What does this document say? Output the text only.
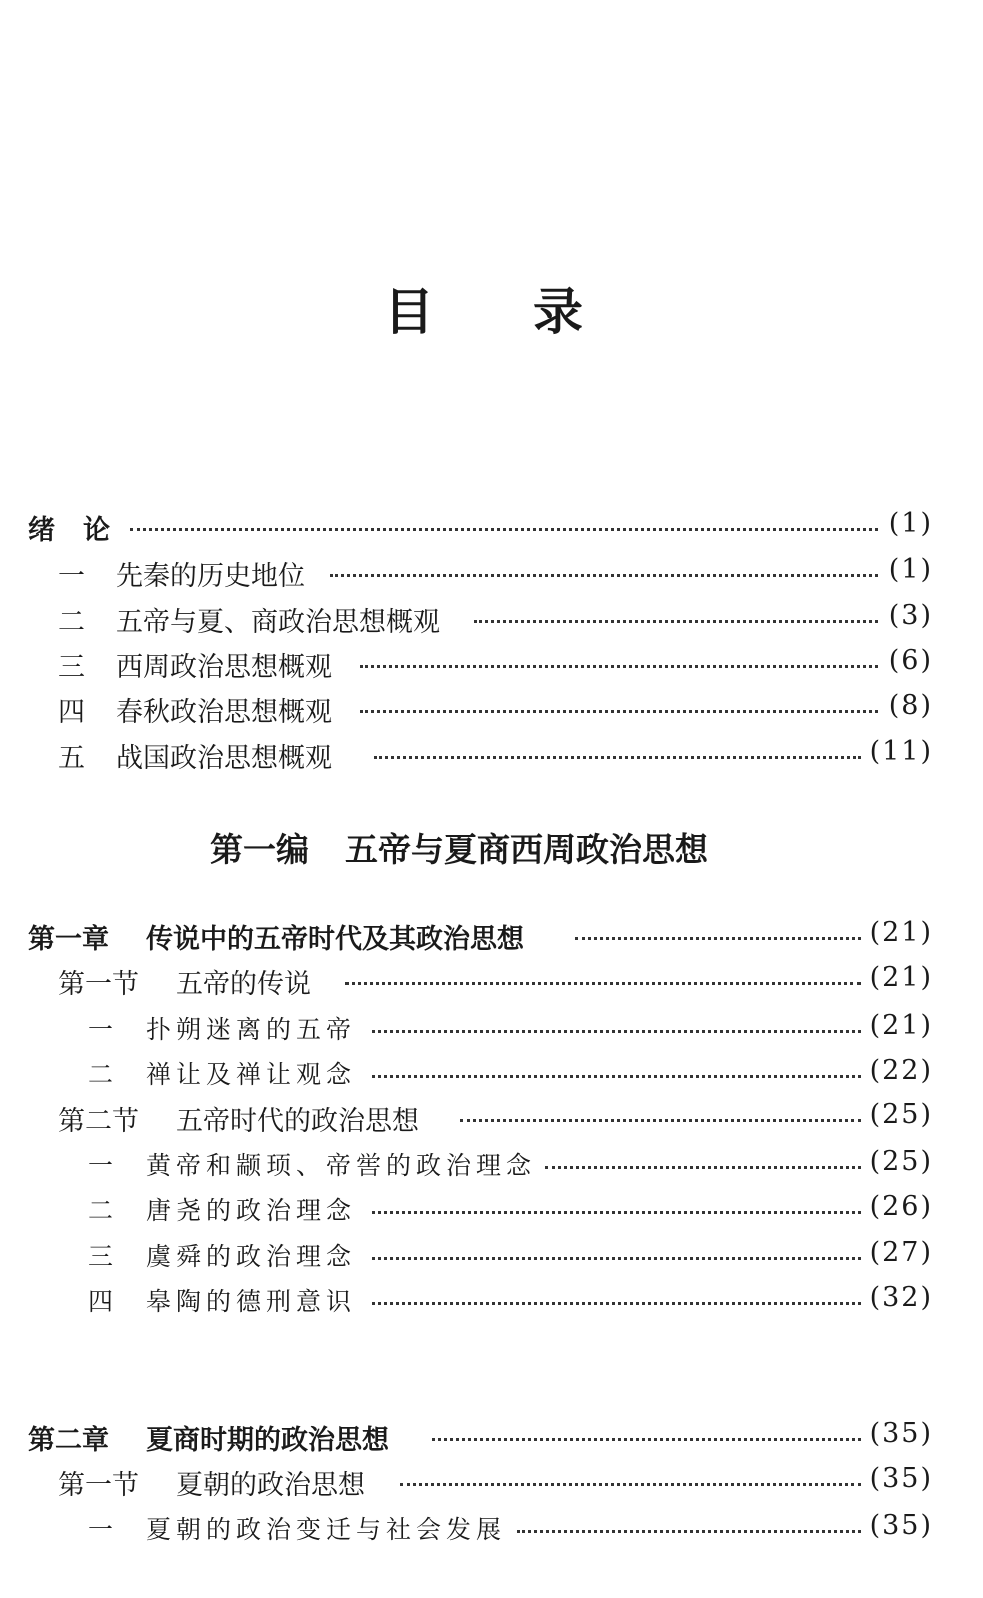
目 录
绪论	(1)
一 先秦的历史地位	(1)
二 五帝与夏、商政治思想概观	(3)
三 西周政治思想概观	(6)
四 春秋政治思想概观	(8)
五 战国政治思想概观	(11)
第一编 五帝与夏商西周政治思想
第一章 传说中的五帝时代及其政治思想	(21)
第一节 五帝的传说	(21)
一 扑朔迷离的五帝	(21)
二 禅让及禅让观念	(22)
第二节 五帝时代的政治思想	(25)
一 黄帝和颛顼、帝喾的政治理念	(25)
二 唐尧的政治理念	(26)
三 虞舜的政治理念	(27)
四 皋陶的德刑意识	(32)
第二章 夏商时期的政治思想	(35)
第一节 夏朝的政治思想	(35)
一 夏朝的政治变迁与社会发展	(35)
